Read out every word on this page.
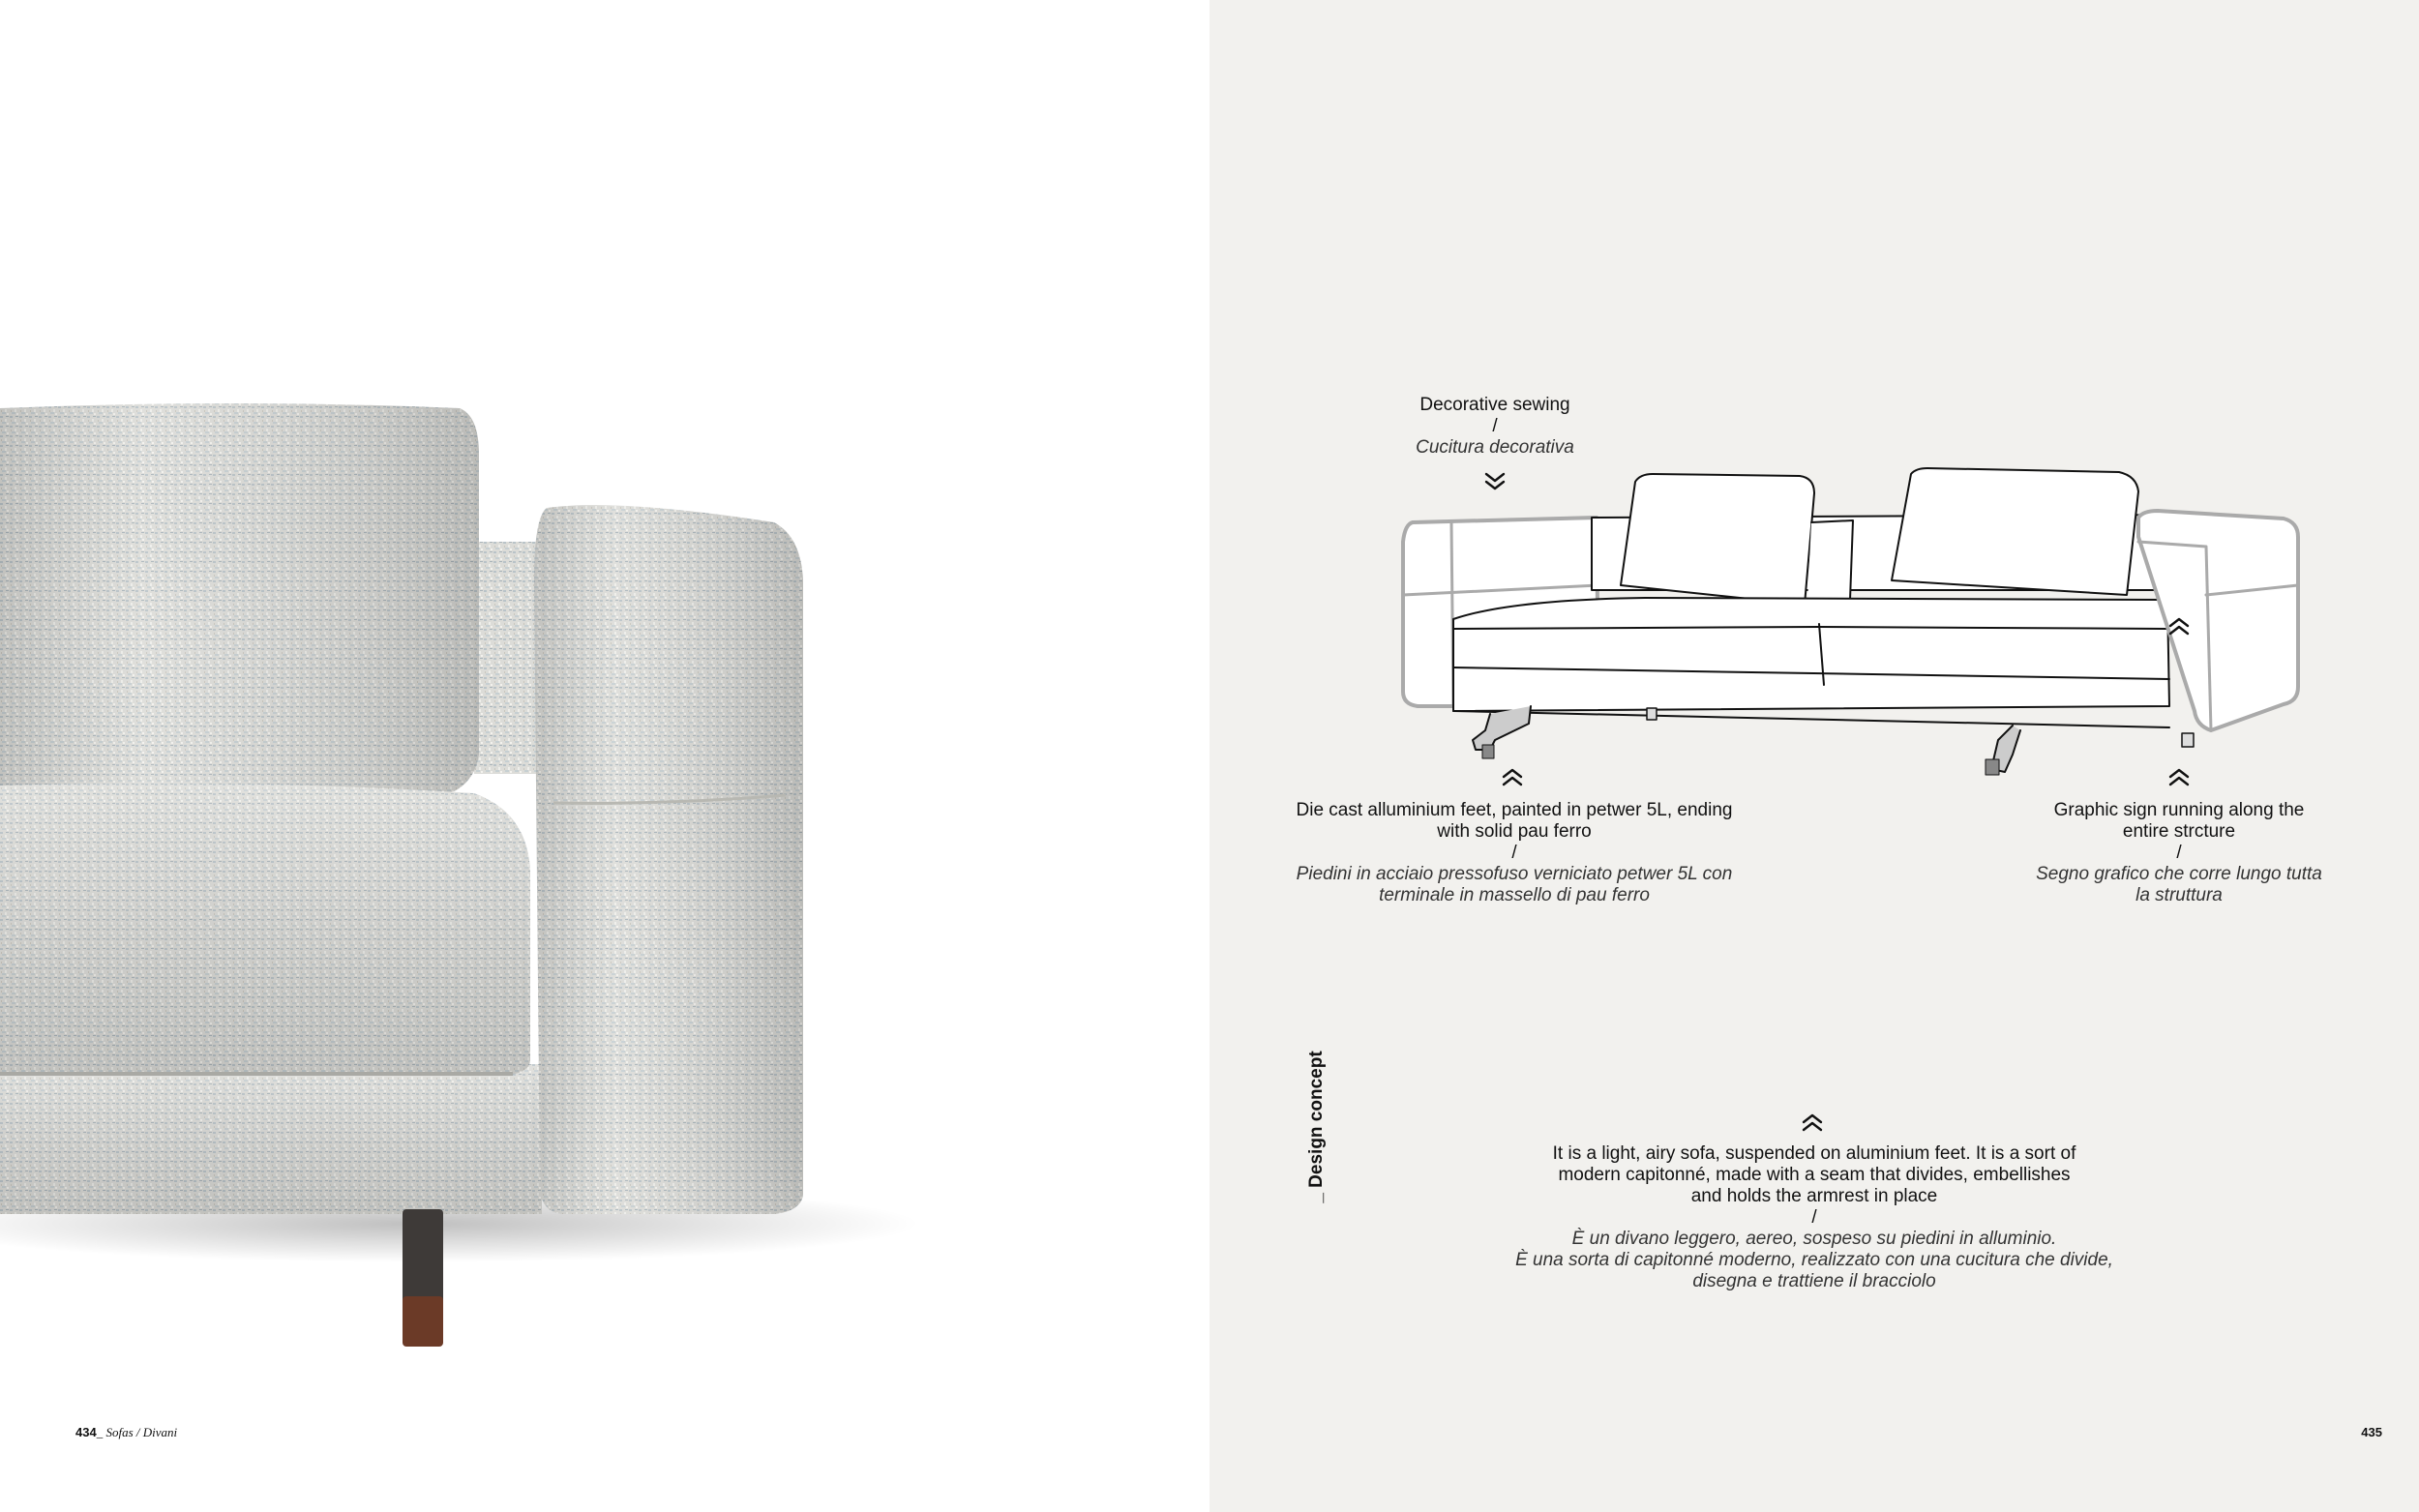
434_ Sofas / Divani
Decorative sewing
/
Cucitura decorativa
Die cast alluminium feet, painted in petwer 5L, ending
with solid pau ferro
/
Piedini in acciaio pressofuso verniciato petwer 5L con
terminale in massello di pau ferro
Graphic sign running along the
entire strcture
/
Segno grafico che corre lungo tutta
la struttura
_ Design concept	It is a light, airy sofa, suspended on aluminium feet. It is a sort of
modern capitonné, made with a seam that divides, embellishes
and holds the armrest in place
/
È un divano leggero, aereo, sospeso su piedini in alluminio.
È una sorta di capitonné moderno, realizzato con una cucitura che divide,
disegna e trattiene il bracciolo
435
